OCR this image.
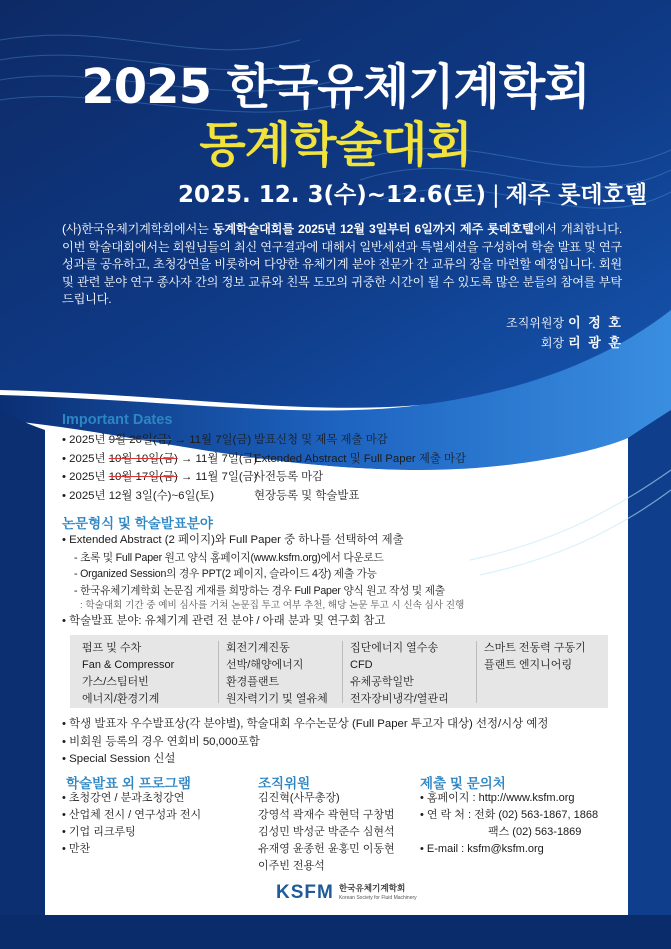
2025 한국유체기계학회
동계학술대회
2025. 12. 3(수)~12.6(토) | 제주 롯데호텔

(사)한국유체기계학회에서는 동계학술대회를 2025년 12월 3일부터 6일까지 제주 롯데호텔에서 개최합니다. 이번 학술대회에서는 회원님들의 최신 연구결과에 대해서 일반세션과 특별세션을 구성하여 학술 발표 및 연구성과를 공유하고, 초청강연을 비롯하여 다양한 유체기계 분야 전문가 간 교류의 장을 마련할 예정입니다. 회원 및 관련 분야 연구 종사자 간의 정보 교류와 친목 도모의 귀중한 시간이 될 수 있도록 많은 분들의 참여를 부탁드립니다.

조직위원장 이 정 호
회장 리 광 훈
Important Dates
• 2025년 9월 26일(금) → 11월 7일(금) 발표신청 및 제목 제출 마감
• 2025년 10월 10일(금) → 11월 7일(금)Extended Abstract 및 Full Paper 제출 마감
• 2025년 10월 17일(금) → 11월 7일(금)사전등록 마감
• 2025년 12월 3일(수)~6일(토)	현장등록 및 학술발표
논문형식 및 학술발표분야
• Extended Abstract (2 페이지)와 Full Paper 중 하나를 선택하여 제출
- 초록 및 Full Paper 원고 양식 홈페이지(www.ksfm.org)에서 다운로드
- Organized Session의 경우 PPT(2 페이지, 슬라이드 4장) 제출 가능
- 한국유체기계학회 논문집 게재를 희망하는 경우 Full Paper 양식 원고 작성 및 제출
: 학술대회 기간 중 예비 심사를 거쳐 논문집 투고 여부 추천, 해당 논문 투고 시 신속 심사 진행
• 학술발표 분야: 유체기계 관련 전 분야 / 아래 분과 및 연구회 참고
펌프 및 수차
Fan & Compressor
가스/스팀터빈
에너지/환경기계
회전기계진동
선박/해양에너지
환경플랜트
원자력기기 및 열유체
집단에너지 열수송
CFD
유체공학일반
전자장비냉각/열관리
스마트 전동력 구동기
플랜트 엔지니어링
• 학생 발표자 우수발표상(각 분야별), 학술대회 우수논문상 (Full Paper 투고자 대상) 선정/시상 예정
• 비회원 등록의 경우 연회비 50,000포함
• Special Session 신설
학술발표 외 프로그램
• 초청강연 / 분과초청강연
• 산업체 전시 / 연구성과 전시
• 기업 리크루팅
• 만찬
조직위원
김진혁(사무총장)
강영석 곽재수 곽현덕 구창범
김성민 박성군 박준수 심현석
유재영 윤종헌 윤홍민 이동현
이주빈 전용석
제출 및 문의처
• 홈페이지 : http://www.ksfm.org
• 연 락 처 : 전화 (02) 563-1867, 1868
팩스 (02) 563-1869
• E-mail : ksfm@ksfm.org
KSFM 한국유체기계학회
Korean Society for Fluid Machinery
